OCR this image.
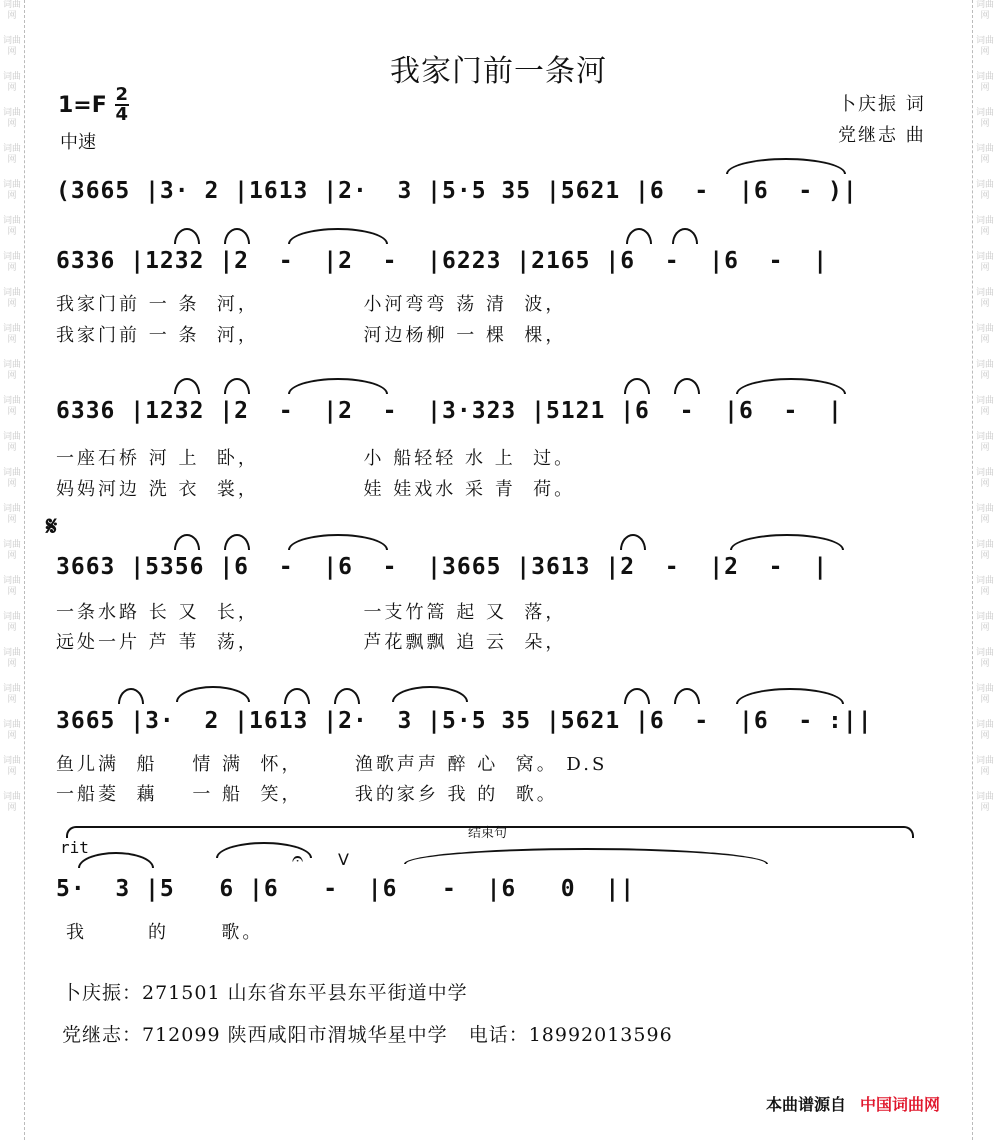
词曲网
词曲网
词曲网
词曲网
词曲网
词曲网
词曲网
词曲网
词曲网
词曲网
词曲网
词曲网
词曲网
词曲网
词曲网
词曲网
词曲网
词曲网
词曲网
词曲网
词曲网
词曲网
词曲网
词曲网
词曲网
词曲网
词曲网
词曲网
词曲网
词曲网
词曲网
词曲网
词曲网
词曲网
词曲网
词曲网
词曲网
词曲网
词曲网
词曲网
词曲网
词曲网
词曲网
词曲网
词曲网
词曲网
我家门前一条河
$1=F \frac{2}{4}$
中速
卜庆振 词
党继志 曲
(3665 |3· 2 |1613 |2·  3 |5·5 35 |5621 |6  -  |6  - )|
6336 |1232 |2  -  |2  -  |6223 |2165 |6  -  |6  -  |
我家门前 一 条  河，            小河弯弯 荡 清  波，
我家门前 一 条  河，            河边杨柳 一 棵  棵，
6336 |1232 |2  -  |2  -  |3·323 |5121 |6  -  |6  -  |
一座石桥 河 上  卧，            小 船轻轻 水 上  过。
妈妈河边 洗 衣  裳，            娃 娃戏水 采 青  荷。
𝄋
3663 |5356 |6  -  |6  -  |3665 |3613 |2  -  |2  -  |
一条水路 长 又  长，            一支竹篙 起 又  落，
远处一片 芦 苇  荡，            芦花飘飘 追 云  朵，
3665 |3·  2 |1613 |2·  3 |5·5 35 |5621 |6  -  |6  - :||
鱼儿满  船    情 满  怀，      渔歌声声 醉 心  窝。 D.S
一船菱  藕    一 船  笑，      我的家乡 我 的  歌。
结束句
rit	𝄐 V
5·  3 |5   6 |6   -  |6   -  |6   0  ||
我       的      歌。
卜庆振：271501 山东省东平县东平街道中学
党继志：712099 陕西咸阳市渭城华星中学   电话：18992013596
本曲谱源自 中国词曲网
